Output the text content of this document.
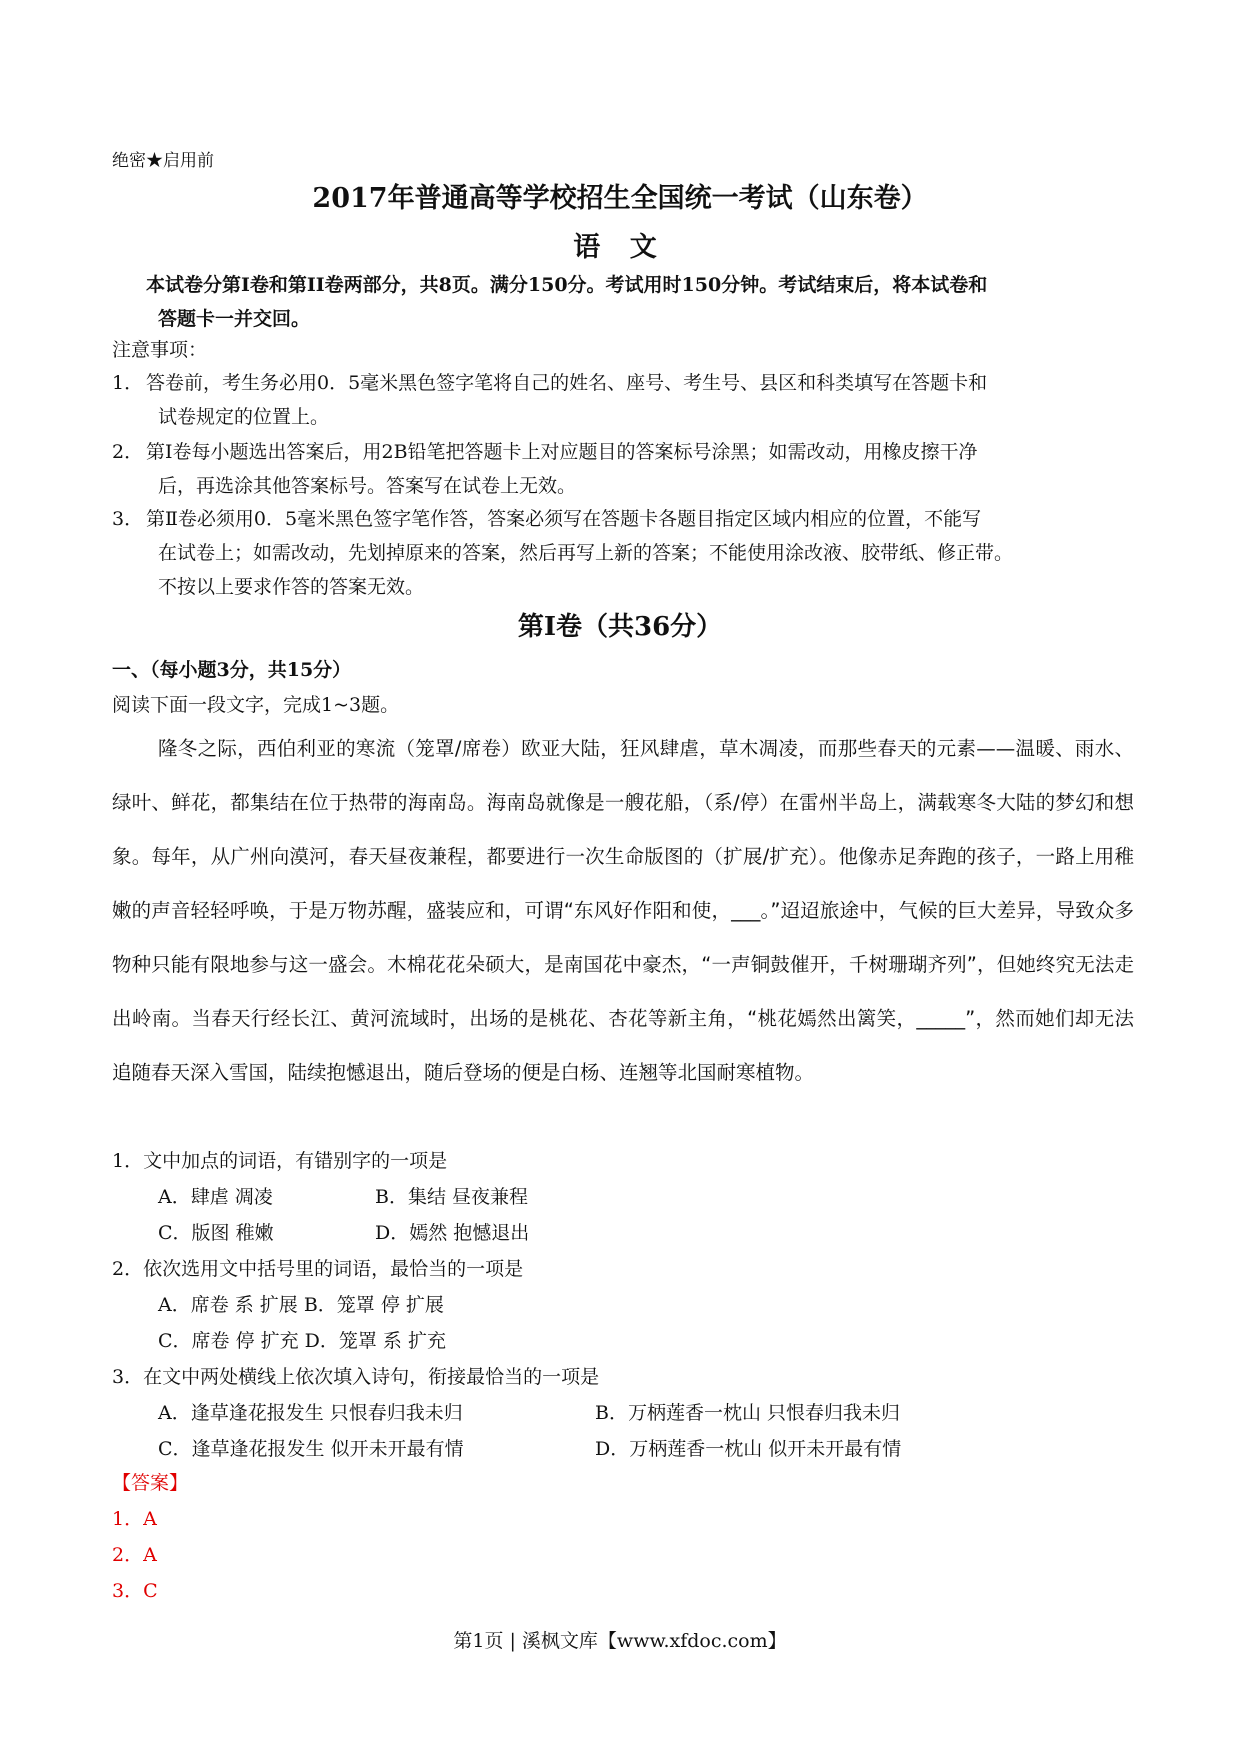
绝密★启用前
2017年普通高等学校招生全国统一考试（山东卷）
语 文
本试卷分第I卷和第II卷两部分，共8页。满分150分。考试用时150分钟。考试结束后，将本试卷和
答题卡一并交回。
注意事项：
1． 答卷前，考生务必用0．5毫米黑色签字笔将自己的姓名、座号、考生号、县区和科类填写在答题卡和
试卷规定的位置上。
2． 第Ⅰ卷每小题选出答案后，用2B铅笔把答题卡上对应题目的答案标号涂黑；如需改动，用橡皮擦干净
后，再选涂其他答案标号。答案写在试卷上无效。
3． 第Ⅱ卷必须用0．5毫米黑色签字笔作答，答案必须写在答题卡各题目指定区域内相应的位置，不能写
在试卷上；如需改动，先划掉原来的答案，然后再写上新的答案；不能使用涂改液、胶带纸、修正带。
不按以上要求作答的答案无效。
第I卷（共36分）
一、（每小题3分，共15分）
阅读下面一段文字，完成1~3题。
隆冬之际，西伯利亚的寒流（笼罩/席卷）欧亚大陆，狂风肆虐，草木凋凌，而那些春天的元素——温暖、雨水、绿叶、鲜花，都集结在位于热带的海南岛。海南岛就像是一艘花船，（系/停）在雷州半岛上，满载寒冬大陆的梦幻和想象。每年，从广州向漠河，春天昼夜兼程，都要进行一次生命版图的（扩展/扩充）。他像赤足奔跑的孩子，一路上用稚嫩的声音轻轻呼唤，于是万物苏醒，盛装应和，可谓“东风好作阳和使，___。”迢迢旅途中，气候的巨大差异，导致众多物种只能有限地参与这一盛会。木棉花花朵硕大，是南国花中豪杰，“一声铜鼓催开，千树珊瑚齐列”，但她终究无法走出岭南。当春天行经长江、黄河流域时，出场的是桃花、杏花等新主角，“桃花嫣然出篱笑，_____”，然而她们却无法追随春天深入雪国，陆续抱憾退出，随后登场的便是白杨、连翘等北国耐寒植物。
1．文中加点的词语，有错别字的一项是
A．肆虐 凋凌	B．集结 昼夜兼程
C．版图 稚嫩	D．嫣然 抱憾退出
2．依次选用文中括号里的词语，最恰当的一项是
A．席卷 系 扩展 B．笼罩 停 扩展
C．席卷 停 扩充 D．笼罩 系 扩充
3．在文中两处横线上依次填入诗句，衔接最恰当的一项是
A．逢草逢花报发生 只恨春归我未归	B．万柄莲香一枕山 只恨春归我未归
C．逢草逢花报发生 似开未开最有情	D．万柄莲香一枕山 似开未开最有情
【答案】
1．A
2．A
3．C
第1页 | 溪枫文库【www.xfdoc.com】
